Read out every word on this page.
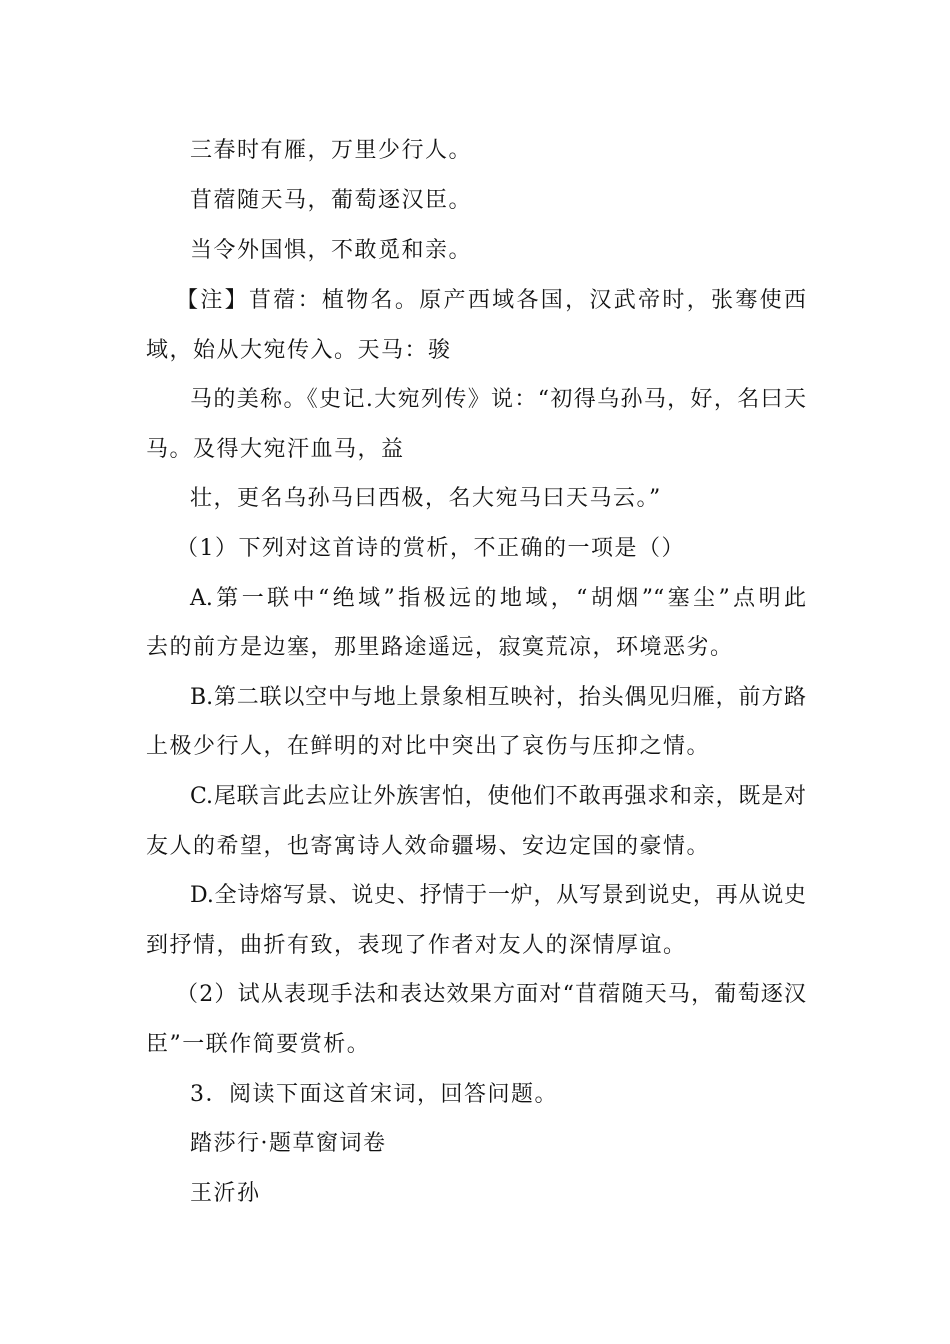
三春时有雁，万里少行人。
苜蓿随天马，葡萄逐汉臣。
当令外国惧，不敢觅和亲。
【注】苜蓿：植物名。原产西域各国，汉武帝时，张骞使西
域，始从大宛传入。天马：骏
马的美称。《史记.大宛列传》说：“初得乌孙马，好，名曰天
马。及得大宛汗血马，益
壮，更名乌孙马曰西极，名大宛马曰天马云。”
（1）下列对这首诗的赏析，不正确的一项是（）
A.第一联中“绝域”指极远的地域，“胡烟”“塞尘”点明此
去的前方是边塞，那里路途遥远，寂寞荒凉，环境恶劣。
B.第二联以空中与地上景象相互映衬，抬头偶见归雁，前方路
上极少行人，在鲜明的对比中突出了哀伤与压抑之情。
C.尾联言此去应让外族害怕，使他们不敢再强求和亲，既是对
友人的希望，也寄寓诗人效命疆埸、安边定国的豪情。
D.全诗熔写景、说史、抒情于一炉，从写景到说史，再从说史
到抒情，曲折有致，表现了作者对友人的深情厚谊。
（2）试从表现手法和表达效果方面对“苜蓿随天马，葡萄逐汉
臣”一联作简要赏析。
3．阅读下面这首宋词，回答问题。
踏莎行·题草窗词卷
王沂孙
